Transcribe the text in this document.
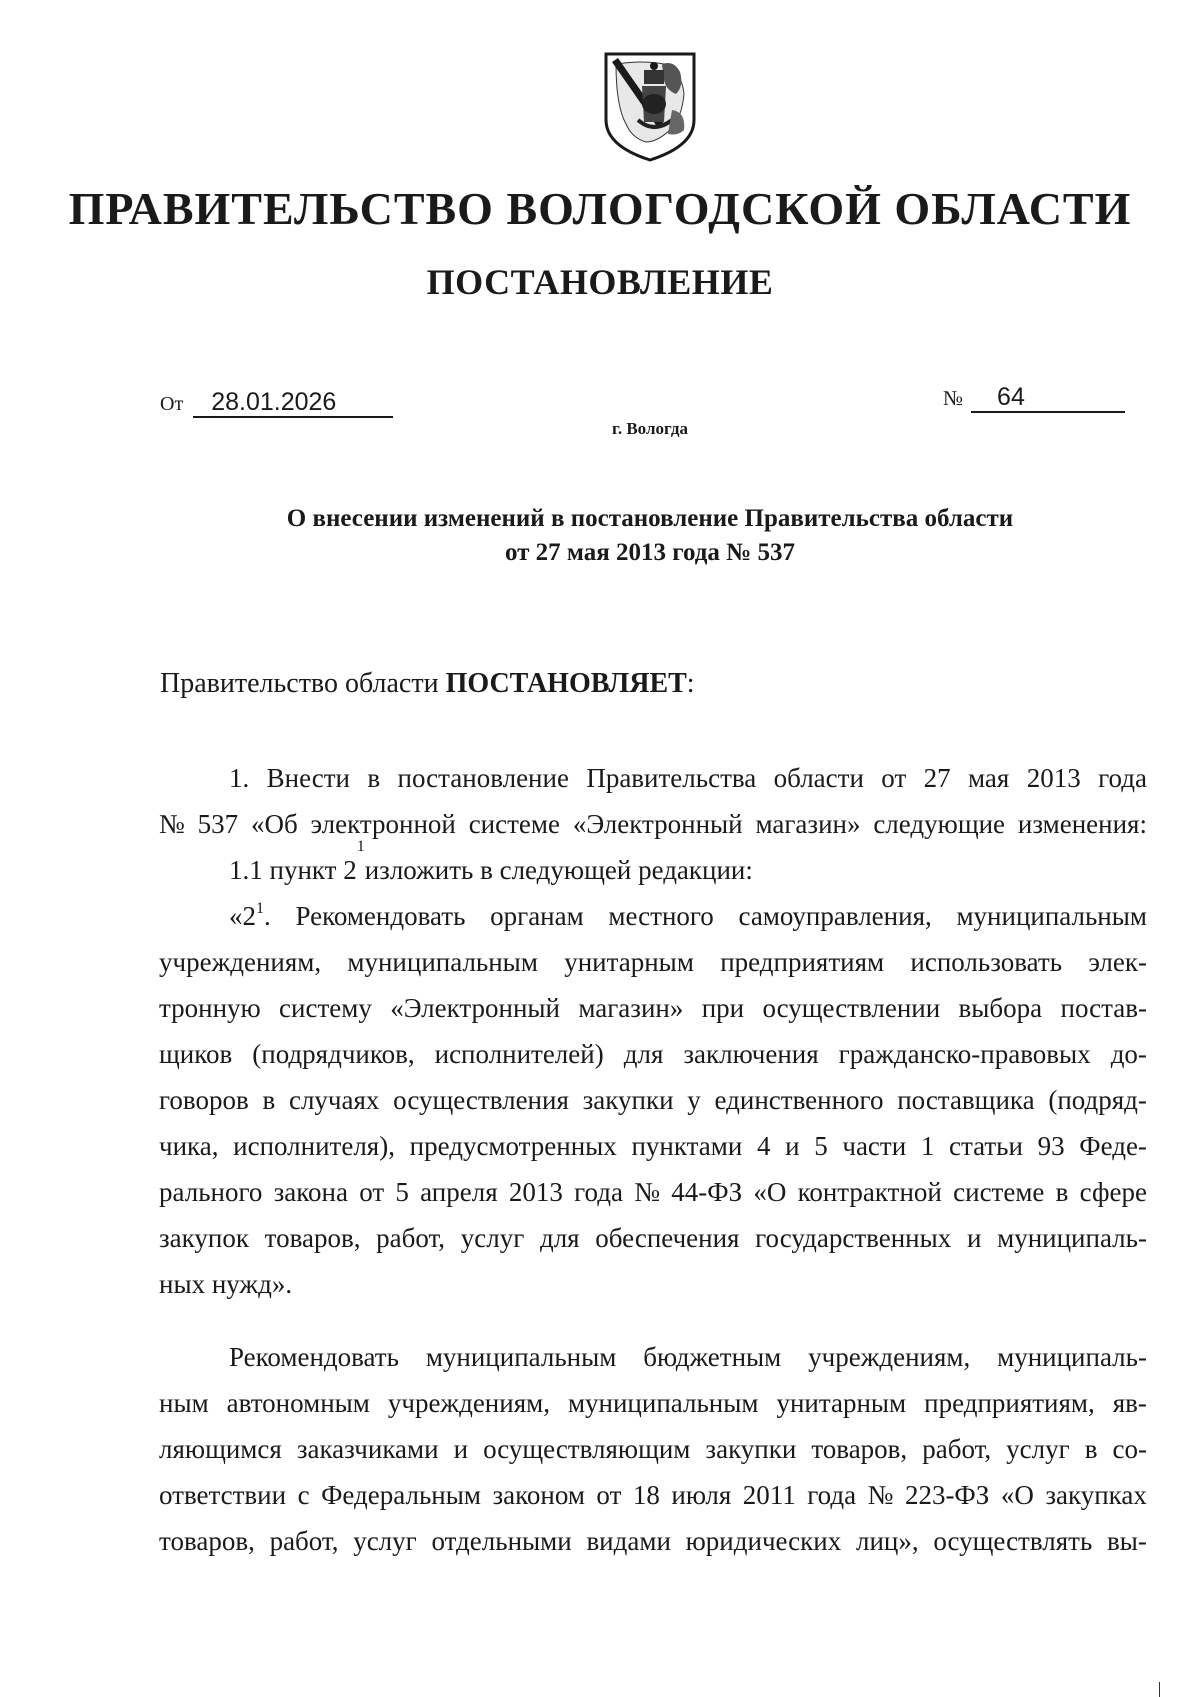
ПРАВИТЕЛЬСТВО ВОЛОГОДСКОЙ ОБЛАСТИ
ПОСТАНОВЛЕНИЕ
От 28.01.2026	№ 64
г. Вологда
О внесении изменений в постановление Правительства области
от 27 мая 2013 года № 537
Правительство области ПОСТАНОВЛЯЕТ:
1. Внести в постановление Правительства области от 27 мая 2013 года
№ 537 «Об электронной системе «Электронный магазин» следующие изменения:
1.1 пункт 2
1
изложить в следующей редакции:
«$2^1$. Рекомендовать органам местного самоуправления, муниципальным
учреждениям, муниципальным унитарным предприятиям использовать элек-
тронную систему «Электронный магазин» при осуществлении выбора постав-
щиков (подрядчиков, исполнителей) для заключения гражданско-правовых до-
говоров в случаях осуществления закупки у единственного поставщика (подряд-
чика, исполнителя), предусмотренных пунктами 4 и 5 части 1 статьи 93 Феде-
рального закона от 5 апреля 2013 года № 44-ФЗ «О контрактной системе в сфере
закупок товаров, работ, услуг для обеспечения государственных и муниципаль-
ных нужд».
Рекомендовать муниципальным бюджетным учреждениям, муниципаль-
ным автономным учреждениям, муниципальным унитарным предприятиям, яв-
ляющимся заказчиками и осуществляющим закупки товаров, работ, услуг в со-
ответствии с Федеральным законом от 18 июля 2011 года № 223-ФЗ «О закупках
товаров, работ, услуг отдельными видами юридических лиц», осуществлять вы-
